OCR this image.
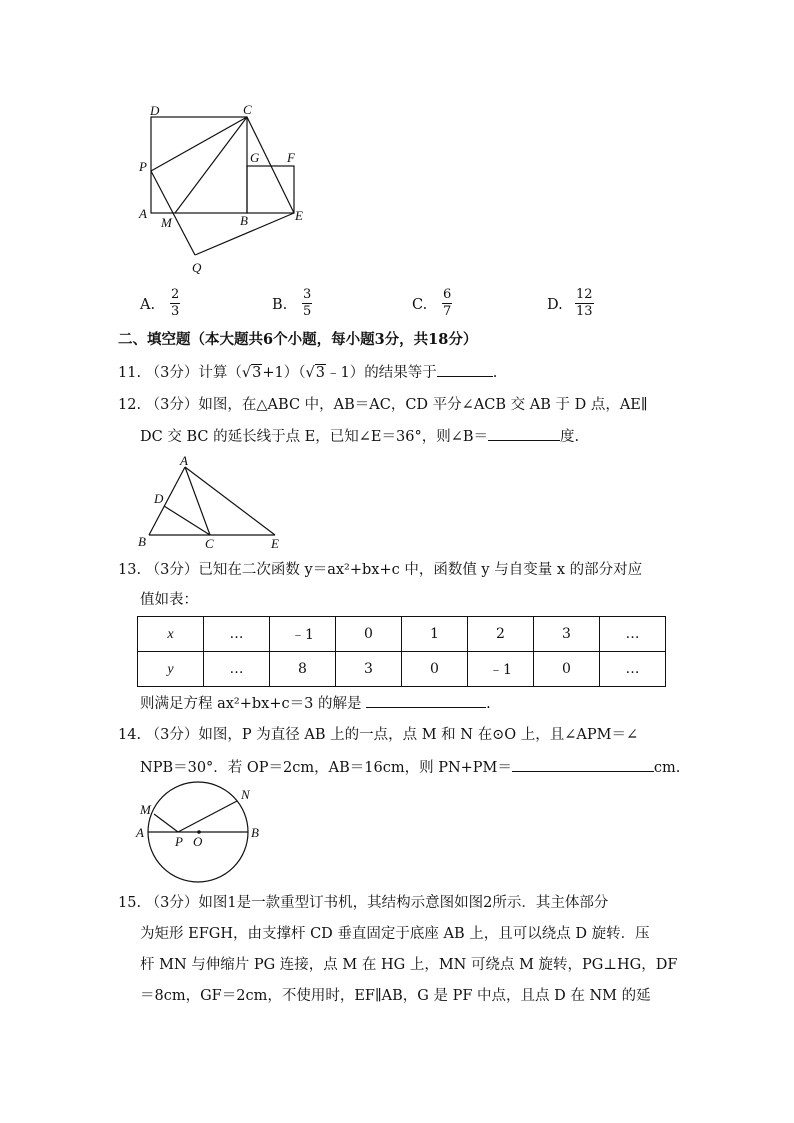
D	C
G F
P
A
M	B	E
Q
A. $\frac{2}{3}$	B. $\frac{3}{5}$	C. $\frac{6}{7}$	D. $\frac{12}{13}$
二、填空题（本大题共6个小题，每小题3分，共18分）
11. （3分）计算（√3+1）（√3﹣1）的结果等于	.
12. （3分）如图，在△ABC 中，AB＝AC，CD 平分∠ACB 交 AB 于 D 点，AE∥
DC 交 BC 的延长线于点 E，已知∠E＝36°，则∠B＝	度.
A
D
B	C	E
13. （3分）已知在二次函数 y＝ax²+bx+c 中，函数值 y 与自变量 x 的部分对应
值如表：
x	…	﹣1	0	1	2	3	…
y	…	8	3	0	﹣1	0	…
则满足方程 ax²+bx+c＝3 的解是	.
14. （3分）如图，P 为直径 AB 上的一点，点 M 和 N 在⊙O 上，且∠APM＝∠
NPB＝30°．若 OP＝2cm，AB＝16cm，则 PN+PM＝	cm.
M
N
A	B
P O
15. （3分）如图1是一款重型订书机，其结构示意图如图2所示．其主体部分
为矩形 EFGH，由支撑杆 CD 垂直固定于底座 AB 上，且可以绕点 D 旋转．压
杆 MN 与伸缩片 PG 连接，点 M 在 HG 上，MN 可绕点 M 旋转，PG⊥HG，DF
＝8cm，GF＝2cm，不使用时，EF∥AB，G 是 PF 中点，且点 D 在 NM 的延
